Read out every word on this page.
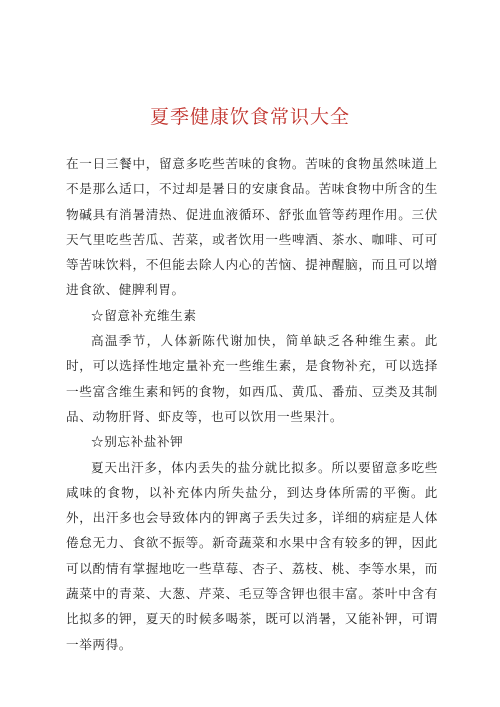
夏季健康饮食常识大全

在一日三餐中，留意多吃些苦味的食物。苦味的食物虽然味道上不是那么适口，不过却是暑日的安康食品。苦味食物中所含的生物碱具有消暑清热、促进血液循环、舒张血管等药理作用。三伏天气里吃些苦瓜、苦菜，或者饮用一些啤酒、茶水、咖啡、可可等苦味饮料，不但能去除人内心的苦恼、提神醒脑，而且可以增进食欲、健脾利胃。

☆留意补充维生素

高温季节，人体新陈代谢加快，简单缺乏各种维生素。此时，可以选择性地定量补充一些维生素，是食物补充，可以选择一些富含维生素和钙的食物，如西瓜、黄瓜、番茄、豆类及其制品、动物肝肾、虾皮等，也可以饮用一些果汁。

☆别忘补盐补钾

夏天出汗多，体内丢失的盐分就比拟多。所以要留意多吃些咸味的食物，以补充体内所失盐分，到达身体所需的平衡。此外，出汗多也会导致体内的钾离子丢失过多，详细的病症是人体倦怠无力、食欲不振等。新奇蔬菜和水果中含有较多的钾，因此可以酌情有掌握地吃一些草莓、杏子、荔枝、桃、李等水果，而蔬菜中的青菜、大葱、芹菜、毛豆等含钾也很丰富。茶叶中含有比拟多的钾，夏天的时候多喝茶，既可以消暑，又能补钾，可谓一举两得。
